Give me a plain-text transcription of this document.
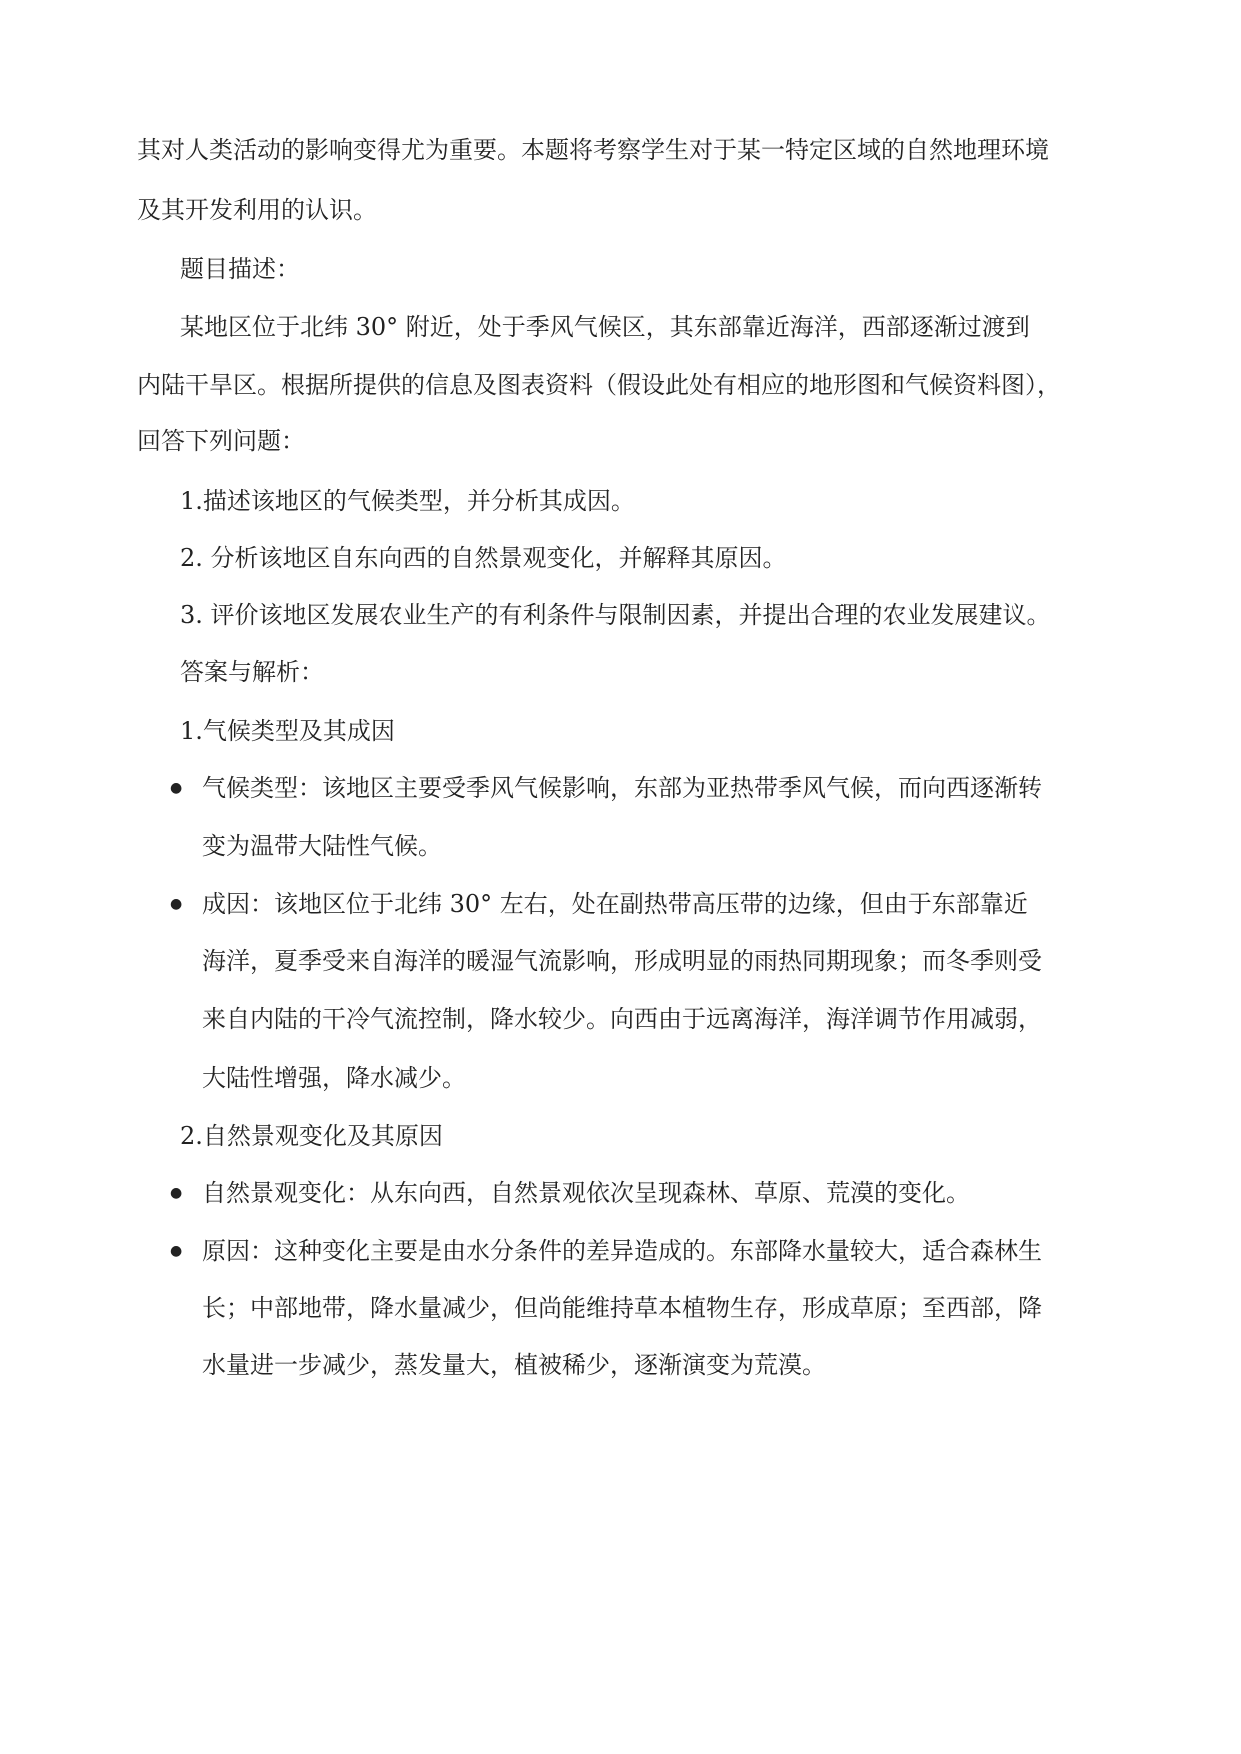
其对人类活动的影响变得尤为重要。本题将考察学生对于某一特定区域的自然地理环境
及其开发利用的认识。
题目描述：
某地区位于北纬 30° 附近，处于季风气候区，其东部靠近海洋，西部逐渐过渡到
内陆干旱区。根据所提供的信息及图表资料（假设此处有相应的地形图和气候资料图），
回答下列问题：
1.描述该地区的气候类型，并分析其成因。
2. 分析该地区自东向西的自然景观变化，并解释其原因。
3. 评价该地区发展农业生产的有利条件与限制因素，并提出合理的农业发展建议。
答案与解析：
1.气候类型及其成因
● 气候类型：该地区主要受季风气候影响，东部为亚热带季风气候，而向西逐渐转
变为温带大陆性气候。
● 成因：该地区位于北纬 30° 左右，处在副热带高压带的边缘，但由于东部靠近
海洋，夏季受来自海洋的暖湿气流影响，形成明显的雨热同期现象；而冬季则受
来自内陆的干冷气流控制，降水较少。向西由于远离海洋，海洋调节作用减弱，
大陆性增强，降水减少。
2.自然景观变化及其原因
● 自然景观变化：从东向西，自然景观依次呈现森林、草原、荒漠的变化。
● 原因：这种变化主要是由水分条件的差异造成的。东部降水量较大，适合森林生
长；中部地带，降水量减少，但尚能维持草本植物生存，形成草原；至西部，降
水量进一步减少，蒸发量大，植被稀少，逐渐演变为荒漠。
